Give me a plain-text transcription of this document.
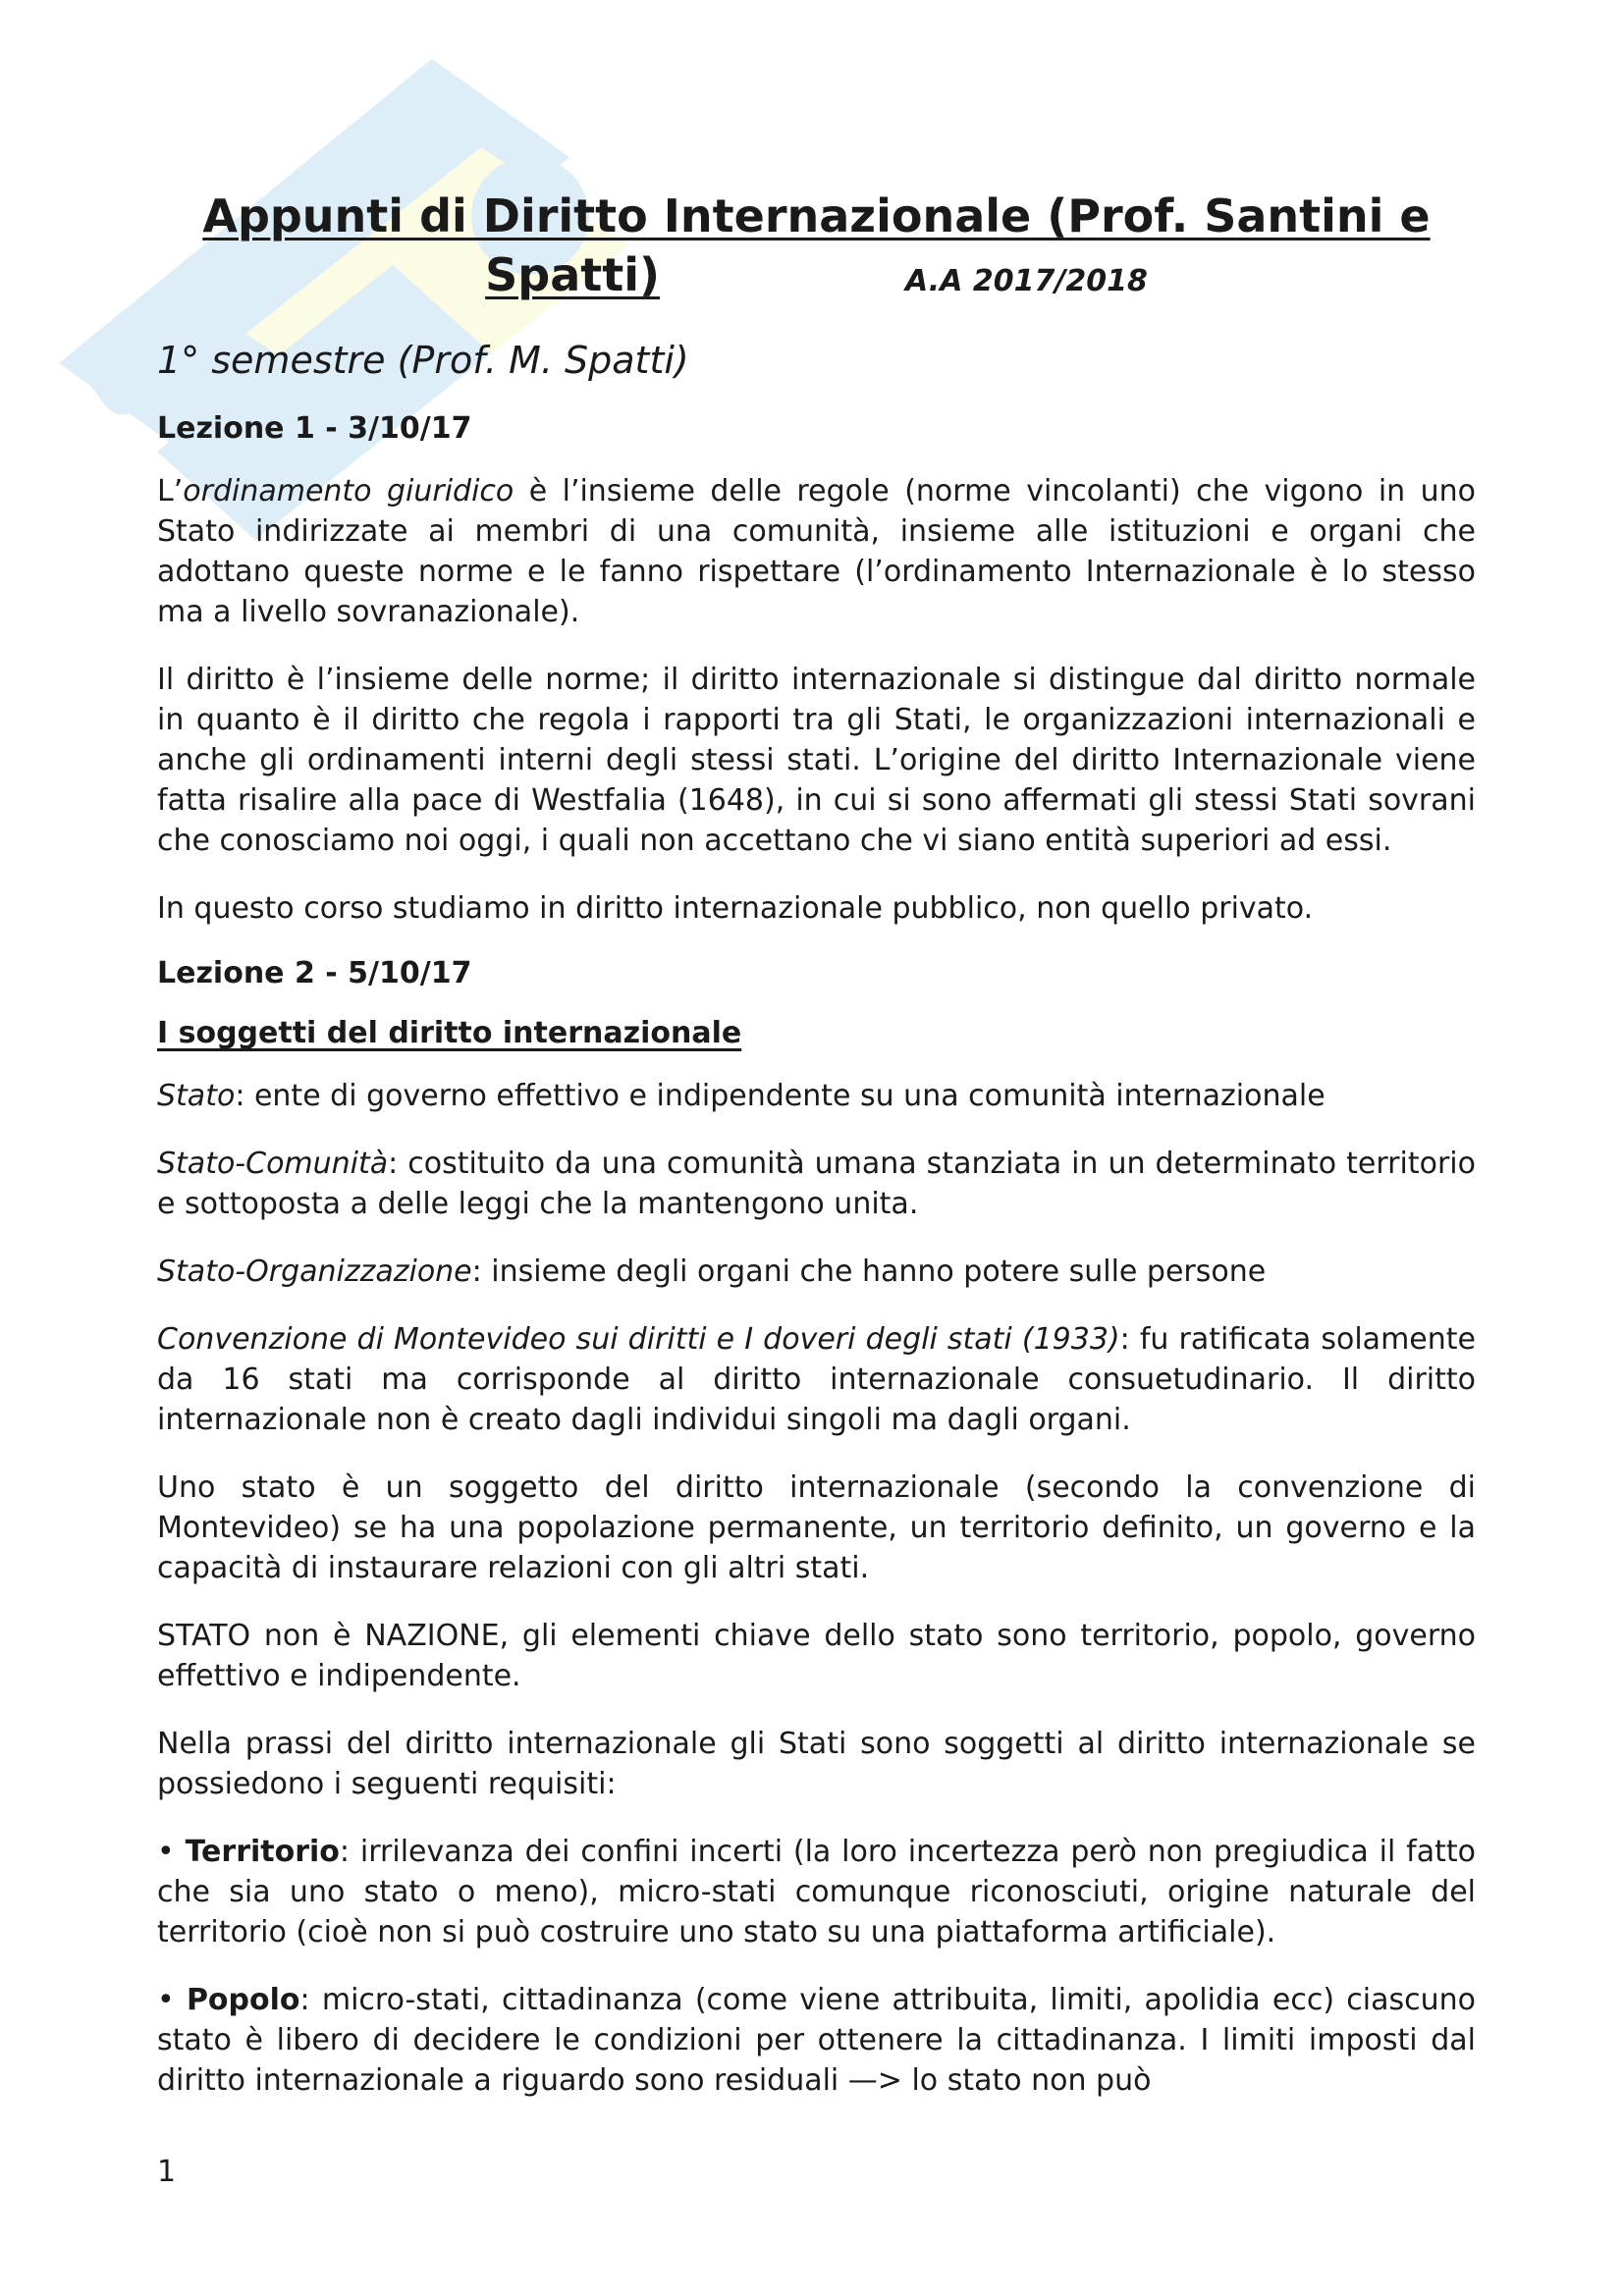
Appunti di Diritto Internazionale (Prof. Santini e
Spatti)	A.A 2017/2018
1° semestre (Prof. M. Spatti)
Lezione 1 - 3/10/17

L’ordinamento giuridico è l’insieme delle regole (norme vincolanti) che vigono in uno Stato indirizzate ai membri di una comunità, insieme alle istituzioni e organi che adottano queste norme e le fanno rispettare (l’ordinamento Internazionale è lo stesso ma a livello sovranazionale).

Il diritto è l’insieme delle norme; il diritto internazionale si distingue dal diritto normale in quanto è il diritto che regola i rapporti tra gli Stati, le organizzazioni internazionali e anche gli ordinamenti interni degli stessi stati. L’origine del diritto Internazionale viene fatta risalire alla pace di Westfalia (1648), in cui si sono affermati gli stessi Stati sovrani che conosciamo noi oggi, i quali non accettano che vi siano entità superiori ad essi.

In questo corso studiamo in diritto internazionale pubblico, non quello privato.

Lezione 2 - 5/10/17
I soggetti del diritto internazionale

Stato: ente di governo effettivo e indipendente su una comunità internazionale

Stato-Comunità: costituito da una comunità umana stanziata in un determinato territorio e sottoposta a delle leggi che la mantengono unita.

Stato-Organizzazione: insieme degli organi che hanno potere sulle persone

Convenzione di Montevideo sui diritti e I doveri degli stati (1933): fu ratificata solamente da 16 stati ma corrisponde al diritto internazionale consuetudinario. Il diritto internazionale non è creato dagli individui singoli ma dagli organi.

Uno stato è un soggetto del diritto internazionale (secondo la convenzione di Montevideo) se ha una popolazione permanente, un territorio definito, un governo e la capacità di instaurare relazioni con gli altri stati.

STATO non è NAZIONE, gli elementi chiave dello stato sono territorio, popolo, governo effettivo e indipendente.

Nella prassi del diritto internazionale gli Stati sono soggetti al diritto internazionale se possiedono i seguenti requisiti:

• Territorio: irrilevanza dei confini incerti (la loro incertezza però non pregiudica il fatto che sia uno stato o meno), micro-stati comunque riconosciuti, origine naturale del territorio (cioè non si può costruire uno stato su una piattaforma artificiale).

• Popolo: micro-stati, cittadinanza (come viene attribuita, limiti, apolidia ecc) ciascuno stato è libero di decidere le condizioni per ottenere la cittadinanza. I limiti imposti dal diritto internazionale a riguardo sono residuali —> lo stato non può

1
